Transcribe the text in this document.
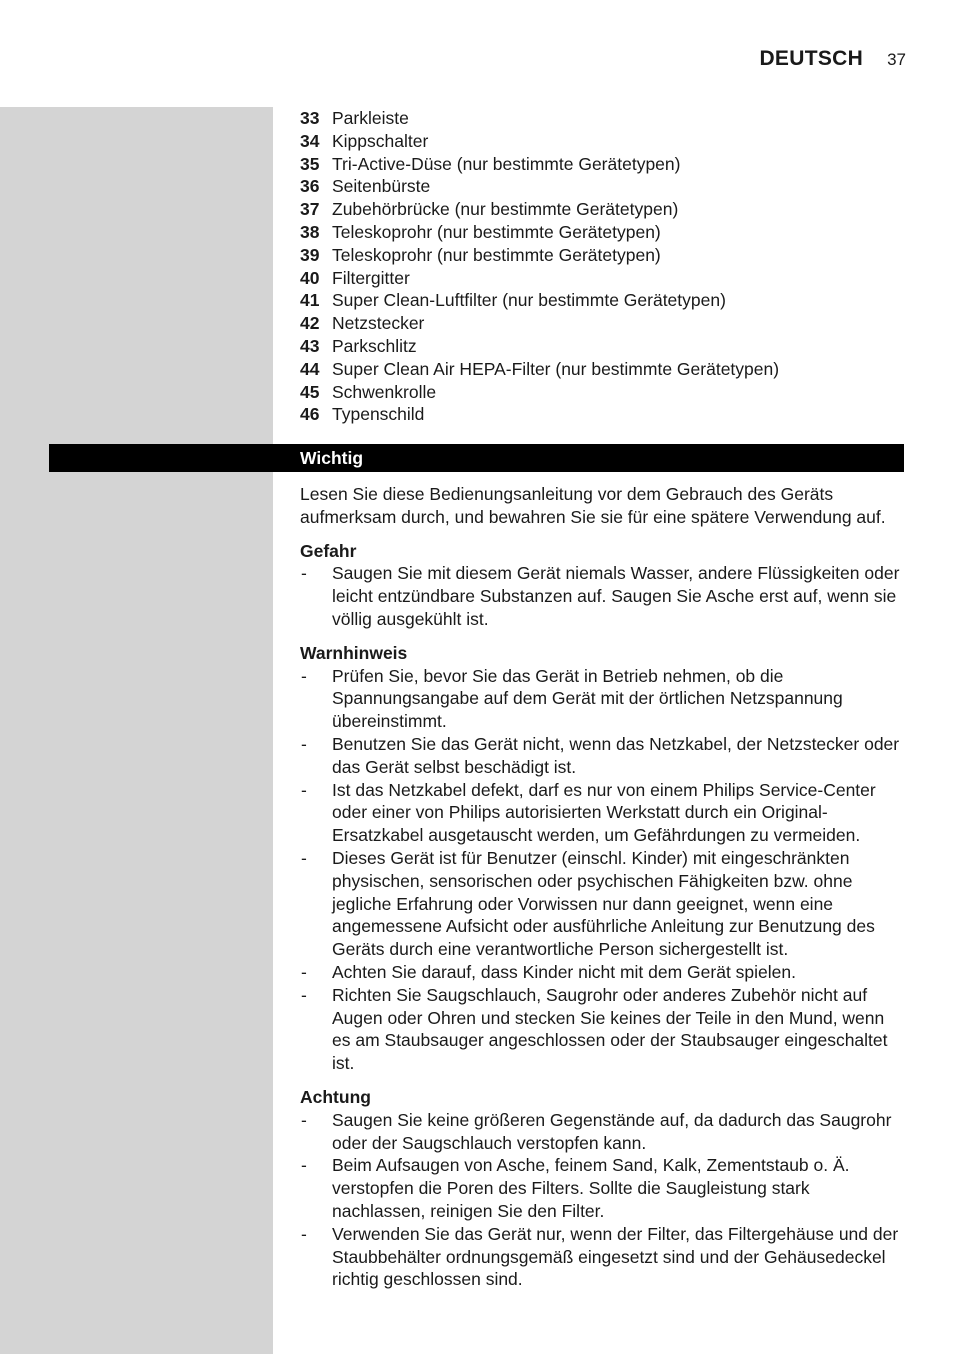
DEUTSCH 37
33 Parkleiste
34 Kippschalter
35 Tri-Active-Düse (nur bestimmte Gerätetypen)
36 Seitenbürste
37 Zubehörbrücke (nur bestimmte Gerätetypen)
38 Teleskoprohr (nur bestimmte Gerätetypen)
39 Teleskoprohr (nur bestimmte Gerätetypen)
40 Filtergitter
41 Super Clean-Luftfilter (nur bestimmte Gerätetypen)
42 Netzstecker
43 Parkschlitz
44 Super Clean Air HEPA-Filter (nur bestimmte Gerätetypen)
45 Schwenkrolle
46 Typenschild
Wichtig

Lesen Sie diese Bedienungsanleitung vor dem Gebrauch des Geräts aufmerksam durch, und bewahren Sie sie für eine spätere Verwendung auf.

Gefahr

- Saugen Sie mit diesem Gerät niemals Wasser, andere Flüssigkeiten oder leicht entzündbare Substanzen auf. Saugen Sie Asche erst auf, wenn sie völlig ausgekühlt ist.

Warnhinweis

- Prüfen Sie, bevor Sie das Gerät in Betrieb nehmen, ob die Spannungsangabe auf dem Gerät mit der örtlichen Netzspannung übereinstimmt.
- Benutzen Sie das Gerät nicht, wenn das Netzkabel, der Netzstecker oder das Gerät selbst beschädigt ist.
- Ist das Netzkabel defekt, darf es nur von einem Philips Service-Center oder einer von Philips autorisierten Werkstatt durch ein Original-Ersatzkabel ausgetauscht werden, um Gefährdungen zu vermeiden.
- Dieses Gerät ist für Benutzer (einschl. Kinder) mit eingeschränkten physischen, sensorischen oder psychischen Fähigkeiten bzw. ohne jegliche Erfahrung oder Vorwissen nur dann geeignet, wenn eine angemessene Aufsicht oder ausführliche Anleitung zur Benutzung des Geräts durch eine verantwortliche Person sichergestellt ist.
- Achten Sie darauf, dass Kinder nicht mit dem Gerät spielen.
- Richten Sie Saugschlauch, Saugrohr oder anderes Zubehör nicht auf Augen oder Ohren und stecken Sie keines der Teile in den Mund, wenn es am Staubsauger angeschlossen oder der Staubsauger eingeschaltet ist.

Achtung

- Saugen Sie keine größeren Gegenstände auf, da dadurch das Saugrohr oder der Saugschlauch verstopfen kann.
- Beim Aufsaugen von Asche, feinem Sand, Kalk, Zementstaub o. Ä. verstopfen die Poren des Filters. Sollte die Saugleistung stark nachlassen, reinigen Sie den Filter.
- Verwenden Sie das Gerät nur, wenn der Filter, das Filtergehäuse und der Staubbehälter ordnungsgemäß eingesetzt sind und der Gehäusedeckel richtig geschlossen sind.
